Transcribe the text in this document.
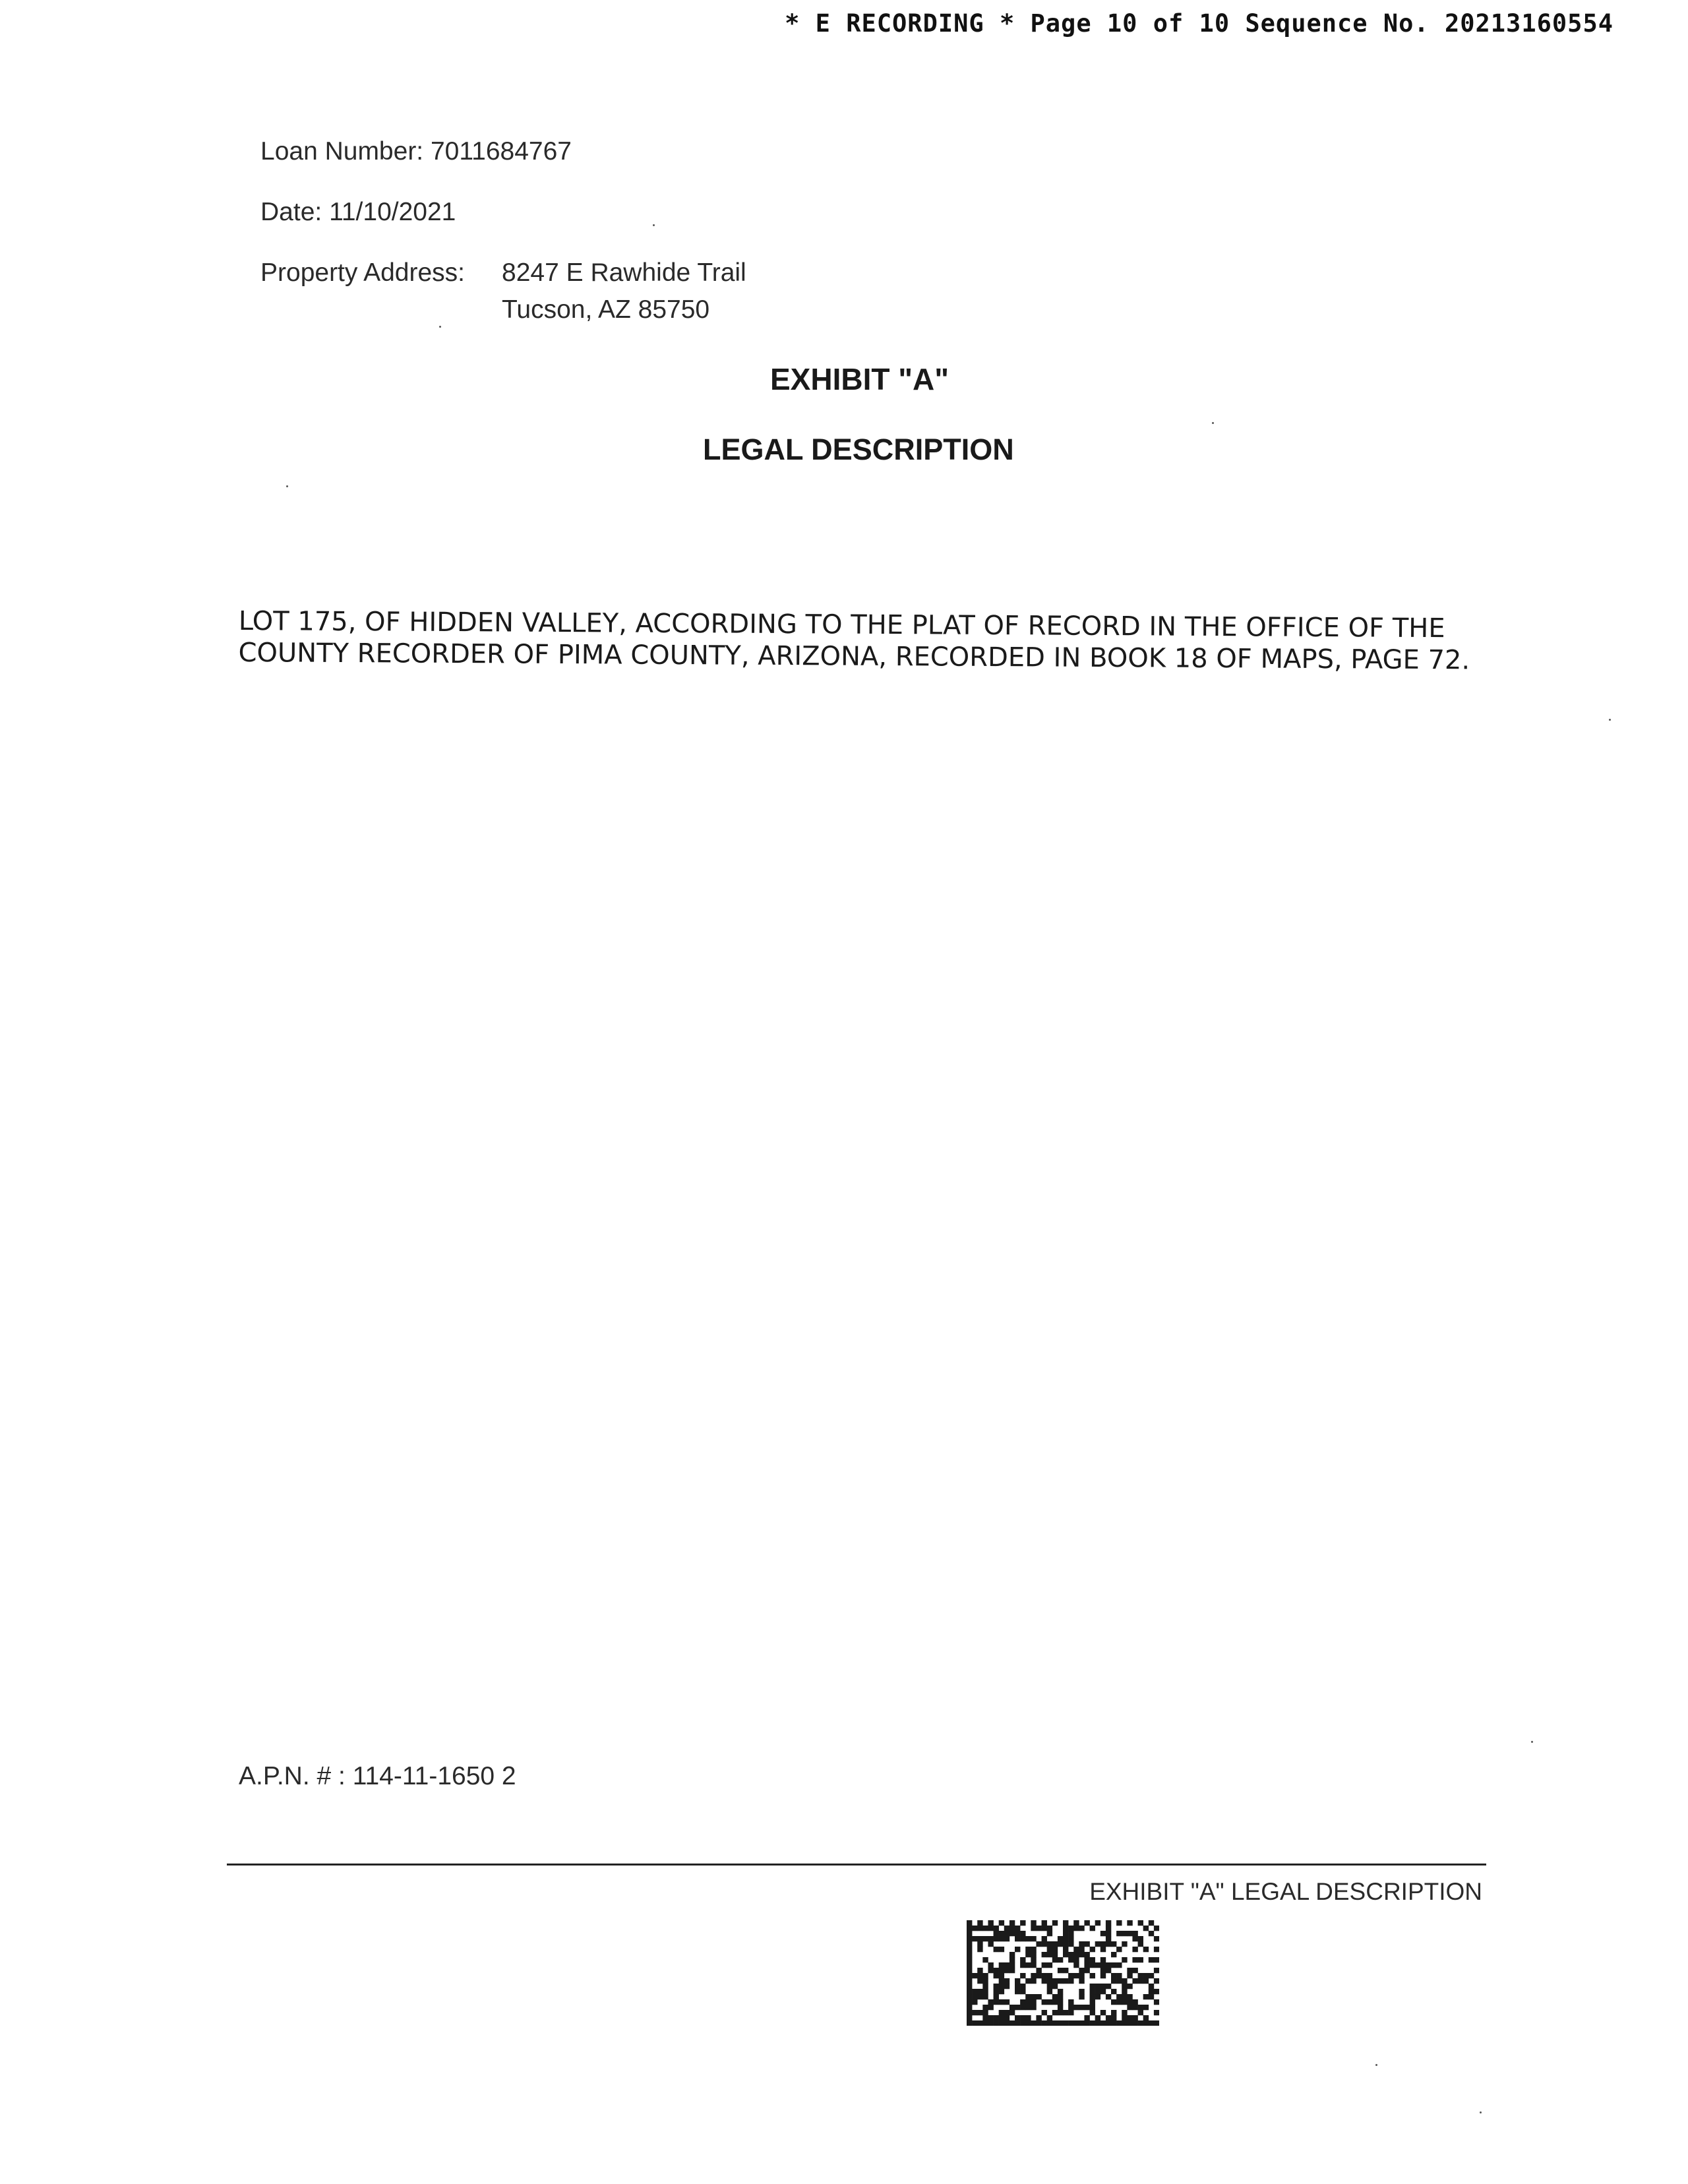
* E RECORDING * Page 10 of 10 Sequence No. 20213160554
Loan Number: 7011684767
Date: 11/10/2021
Property Address: 8247 E Rawhide Trail
Tucson, AZ 85750
EXHIBIT "A"
LEGAL DESCRIPTION
LOT 175, OF HIDDEN VALLEY, ACCORDING TO THE PLAT OF RECORD IN THE OFFICE OF THE COUNTY RECORDER OF PIMA COUNTY, ARIZONA, RECORDED IN BOOK 18 OF MAPS, PAGE 72.
A.P.N. # : 114-11-1650 2
EXHIBIT "A" LEGAL DESCRIPTION
